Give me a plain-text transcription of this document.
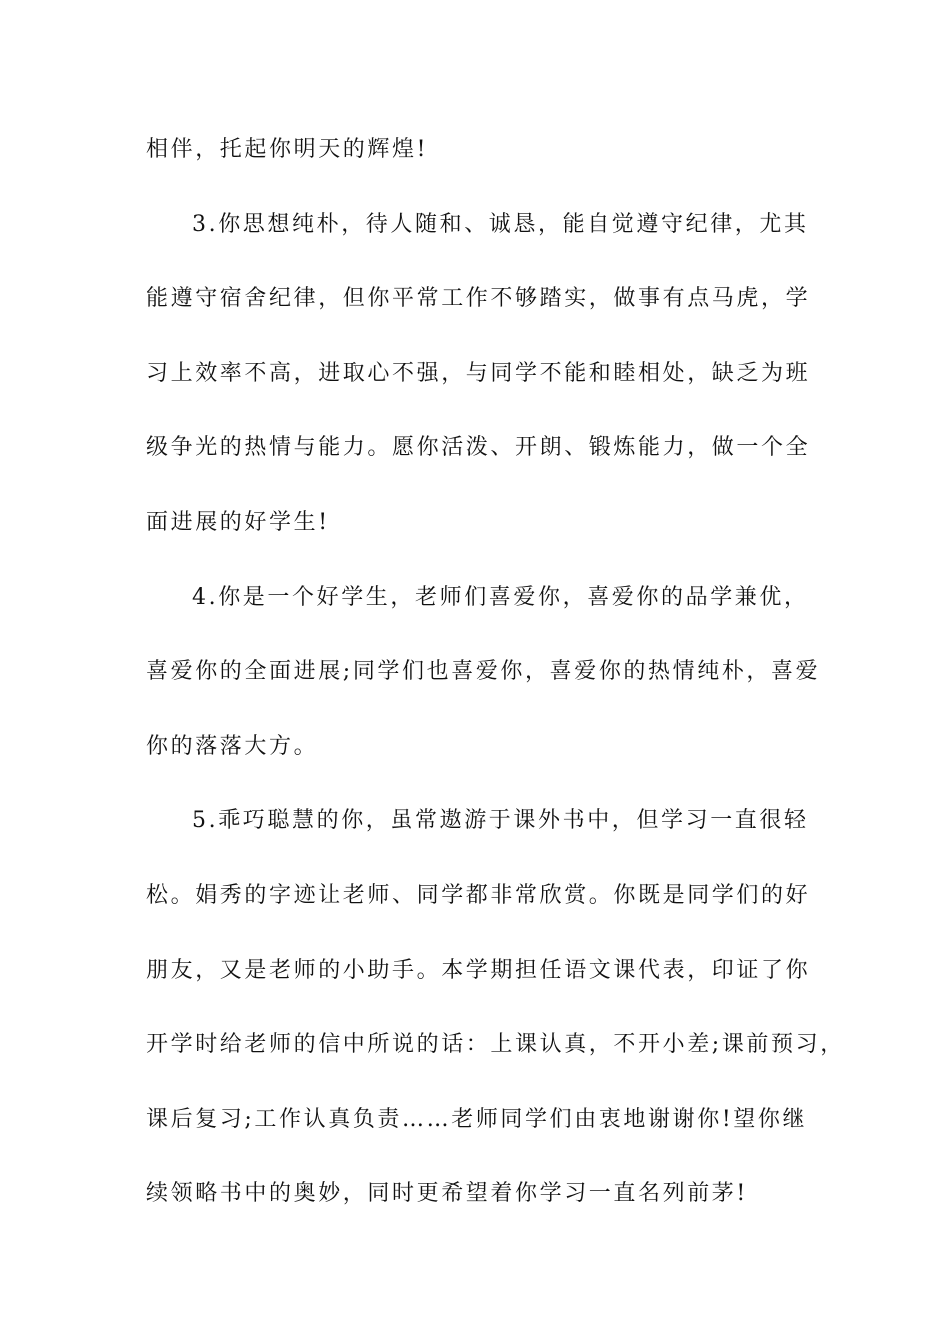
相伴，托起你明天的辉煌!

3.你思想纯朴，待人随和、诚恳，能自觉遵守纪律，尤其

能遵守宿舍纪律，但你平常工作不够踏实，做事有点马虎，学

习上效率不高，进取心不强，与同学不能和睦相处，缺乏为班

级争光的热情与能力。愿你活泼、开朗、锻炼能力，做一个全

面进展的好学生!

4.你是一个好学生，老师们喜爱你，喜爱你的品学兼优，

喜爱你的全面进展;同学们也喜爱你，喜爱你的热情纯朴，喜爱

你的落落大方。

5.乖巧聪慧的你，虽常遨游于课外书中，但学习一直很轻

松。娟秀的字迹让老师、同学都非常欣赏。你既是同学们的好

朋友，又是老师的小助手。本学期担任语文课代表，印证了你

开学时给老师的信中所说的话：上课认真，不开小差;课前预习，

课后复习;工作认真负责……老师同学们由衷地谢谢你!望你继

续领略书中的奥妙，同时更希望着你学习一直名列前茅!
